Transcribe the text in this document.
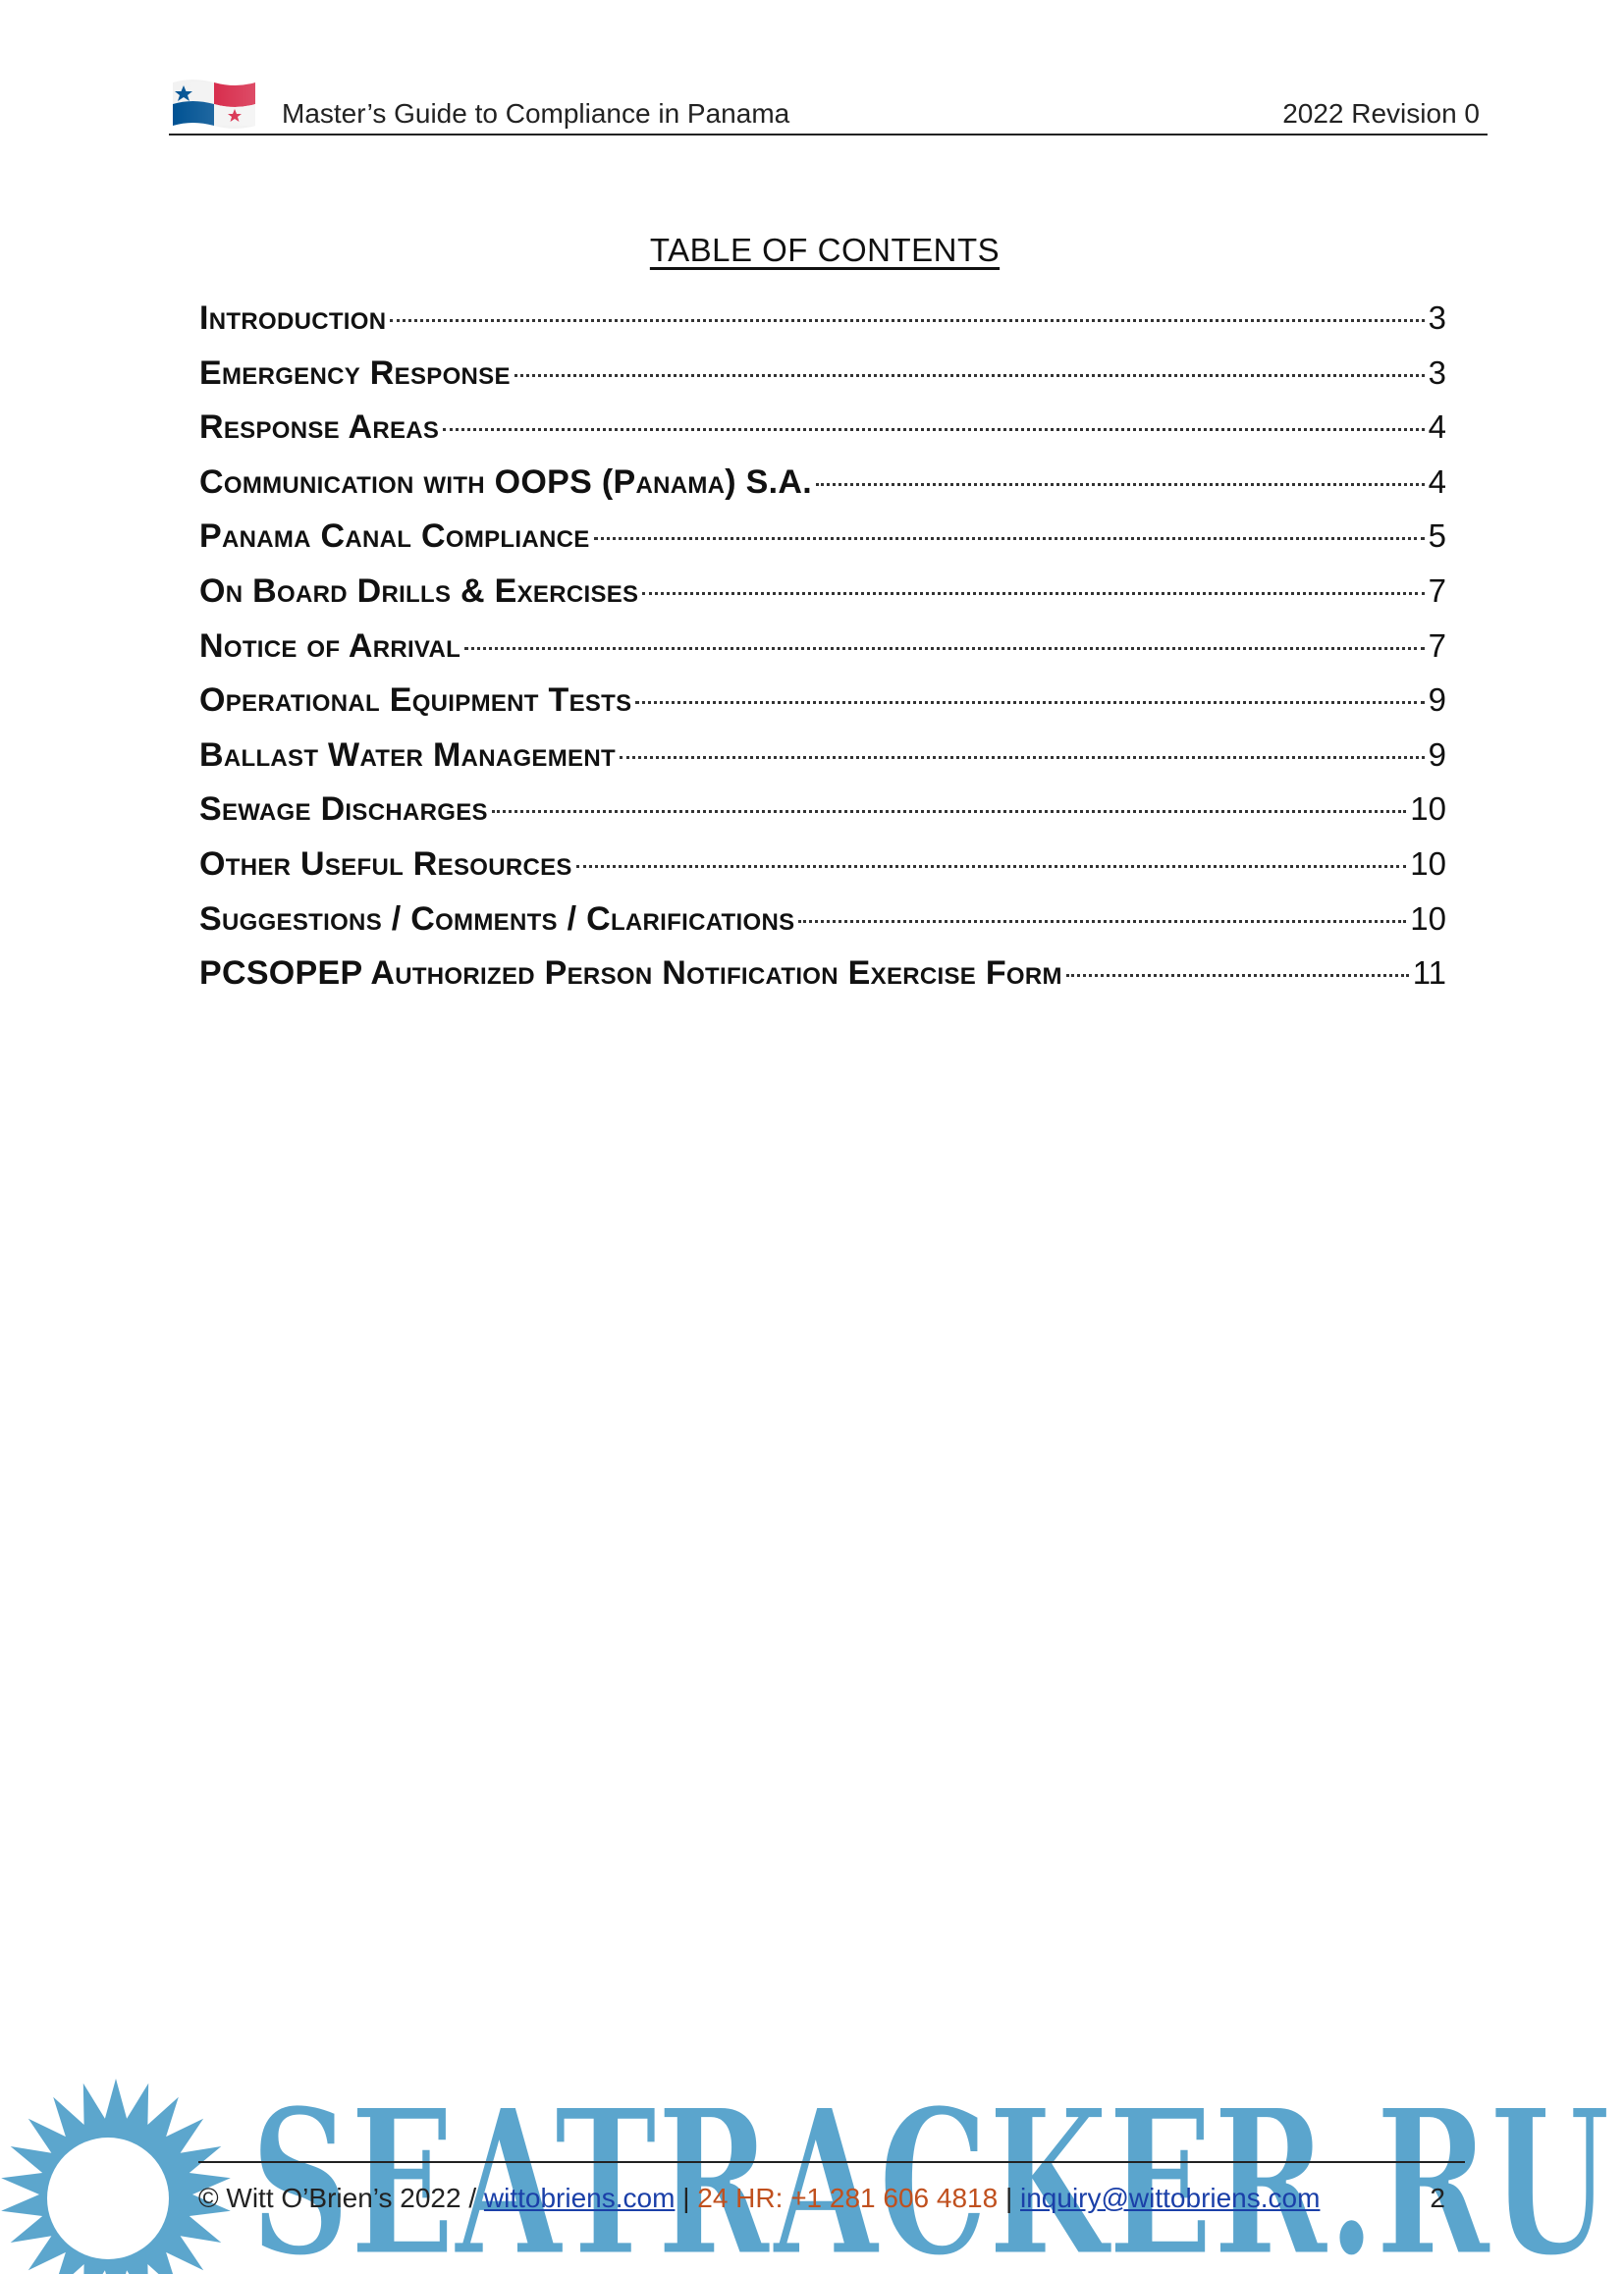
Master’s Guide to Compliance in Panama	2022 Revision 0
TABLE OF CONTENTS
Introduction	3
Emergency Response	3
Response Areas	4
Communication with OOPS (Panama) S.A.	4
Panama Canal Compliance	5
On Board Drills & Exercises	7
Notice of Arrival	7
Operational Equipment Tests	9
Ballast Water Management	9
Sewage Discharges	10
Other Useful Resources	10
Suggestions / Comments / Clarifications	10
PCSOPEP Authorized Person Notification Exercise Form	11
SEATRACKER.RU
© Witt O’Brien’s 2022 / wittobriens.com | 24 HR: +1 281 606 4818 | inquiry@wittobriens.com	2
